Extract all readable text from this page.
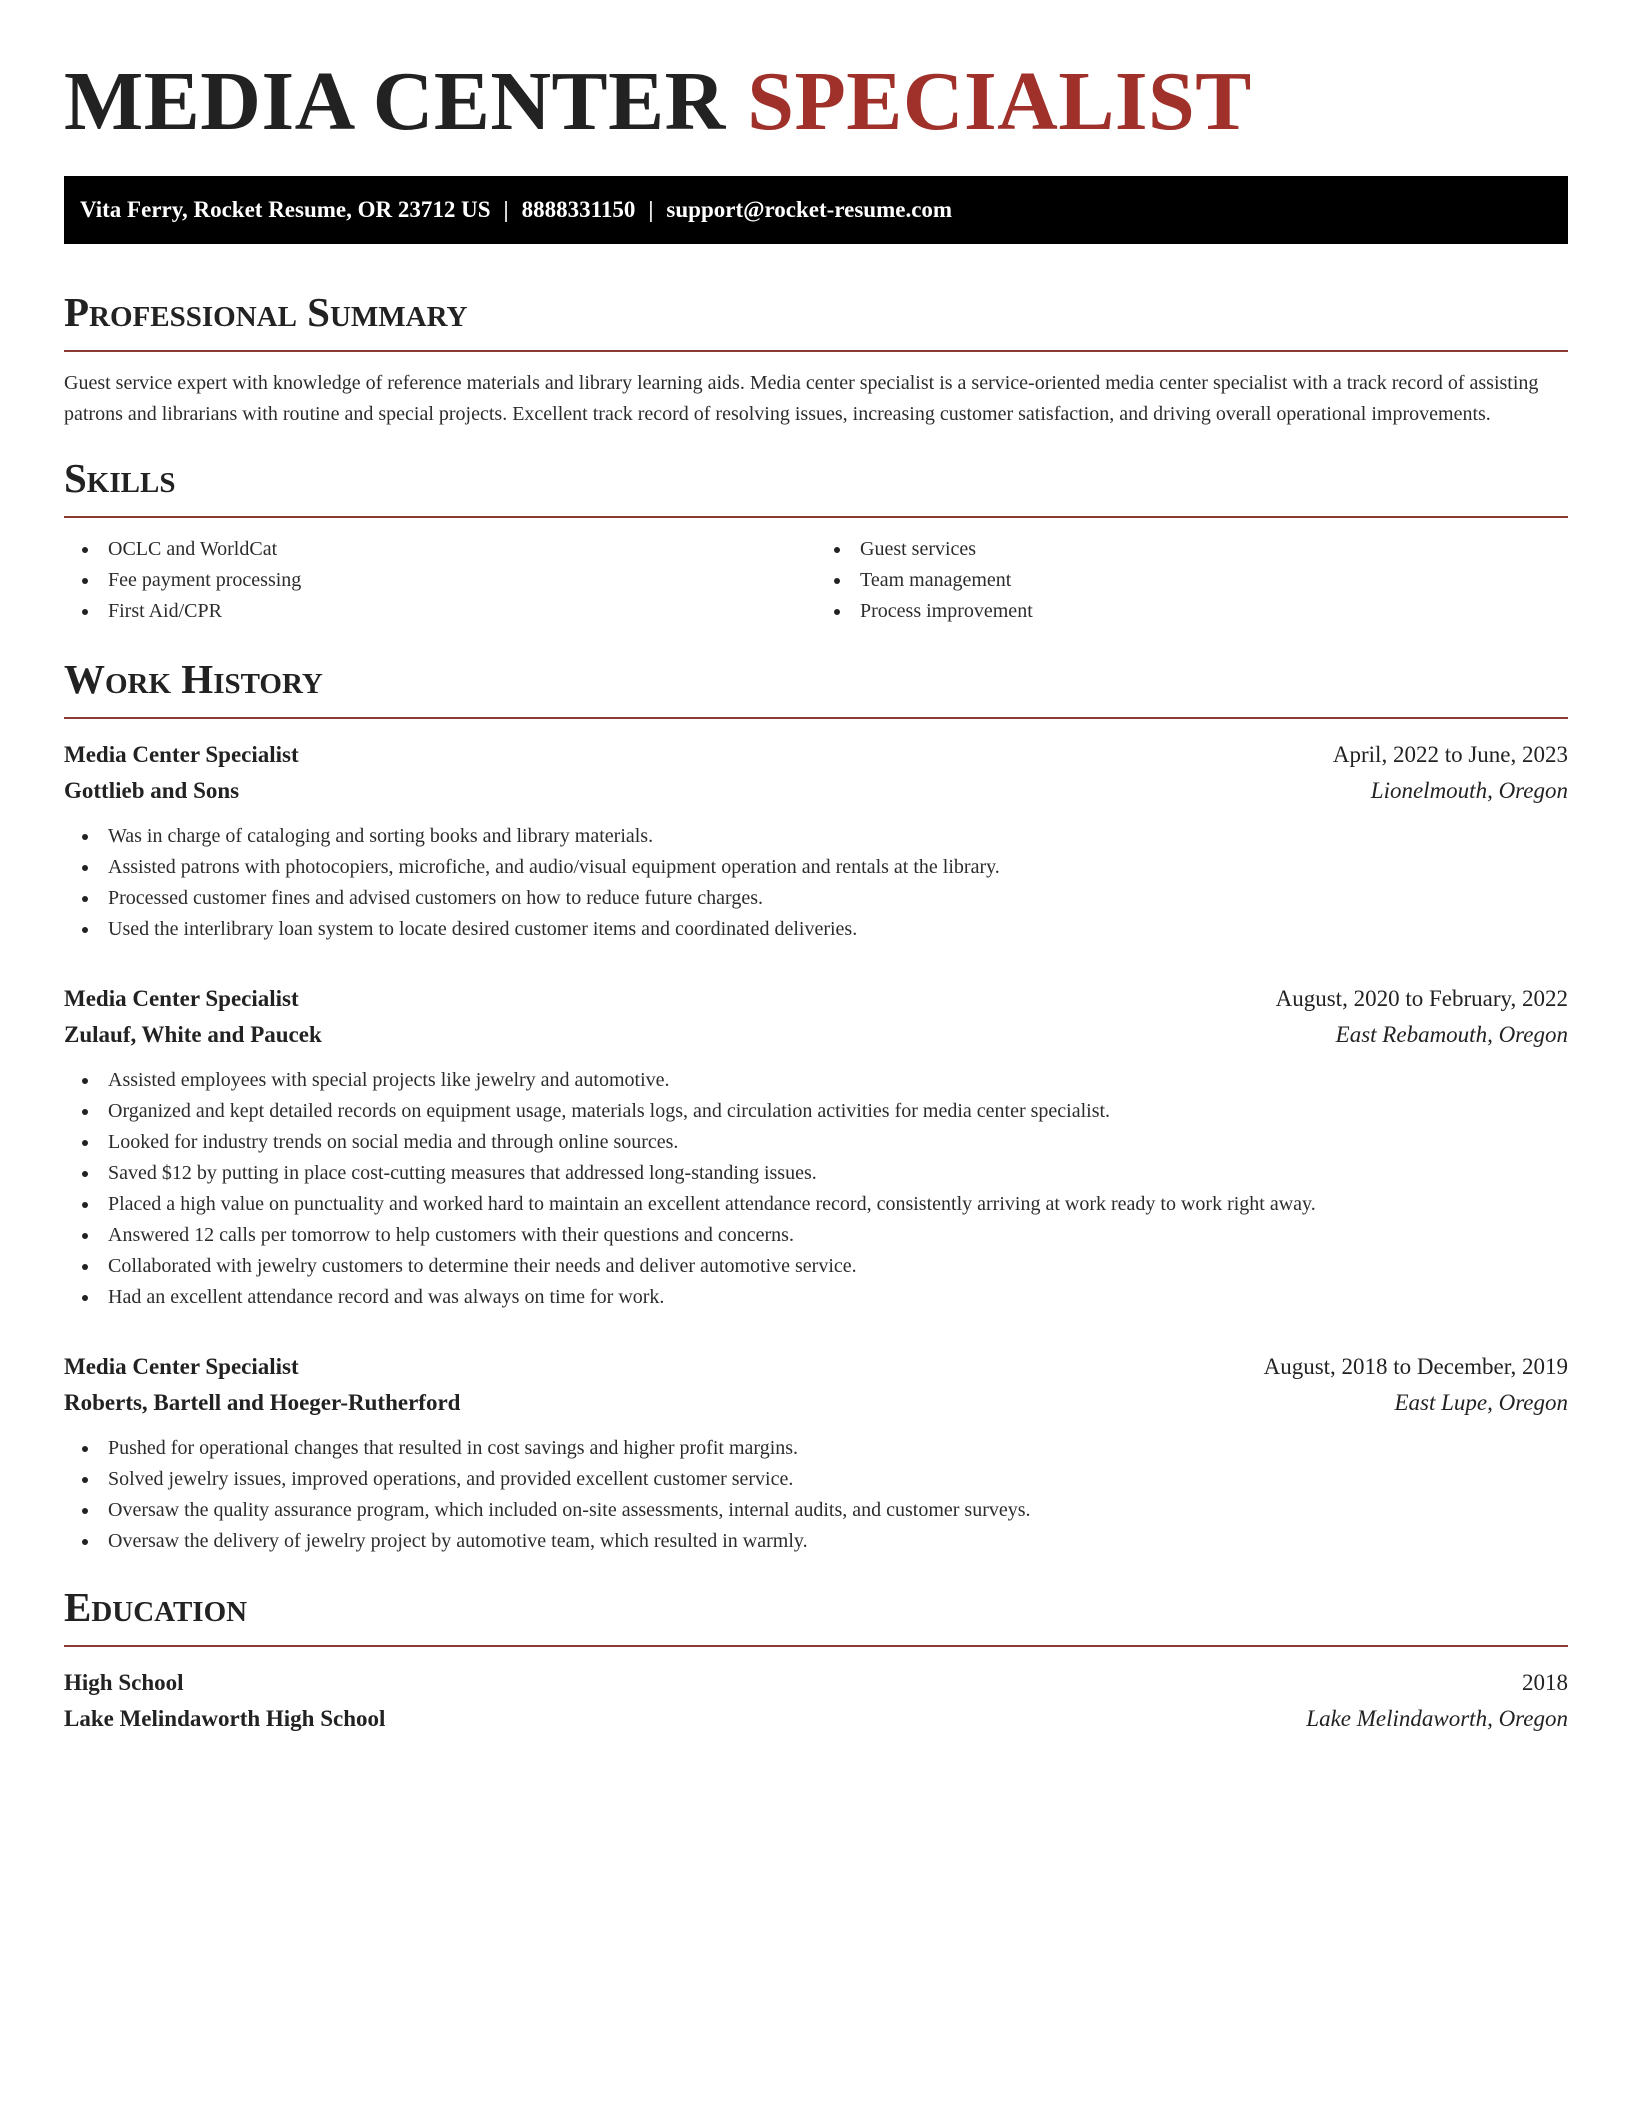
MEDIA CENTER SPECIALIST
Vita Ferry, Rocket Resume, OR 23712 US | 8888331150 | support@rocket-resume.com
Professional Summary
Guest service expert with knowledge of reference materials and library learning aids. Media center specialist is a service-oriented media center specialist with a track record of assisting patrons and librarians with routine and special projects. Excellent track record of resolving issues, increasing customer satisfaction, and driving overall operational improvements.
Skills
OCLC and WorldCat
Fee payment processing
First Aid/CPR
Guest services
Team management
Process improvement
Work History
Media Center Specialist	April, 2022 to June, 2023
Gottlieb and Sons	Lionelmouth, Oregon
Was in charge of cataloging and sorting books and library materials.
Assisted patrons with photocopiers, microfiche, and audio/visual equipment operation and rentals at the library.
Processed customer fines and advised customers on how to reduce future charges.
Used the interlibrary loan system to locate desired customer items and coordinated deliveries.
Media Center Specialist	August, 2020 to February, 2022
Zulauf, White and Paucek	East Rebamouth, Oregon
Assisted employees with special projects like jewelry and automotive.
Organized and kept detailed records on equipment usage, materials logs, and circulation activities for media center specialist.
Looked for industry trends on social media and through online sources.
Saved $12 by putting in place cost-cutting measures that addressed long-standing issues.
Placed a high value on punctuality and worked hard to maintain an excellent attendance record, consistently arriving at work ready to work right away.
Answered 12 calls per tomorrow to help customers with their questions and concerns.
Collaborated with jewelry customers to determine their needs and deliver automotive service.
Had an excellent attendance record and was always on time for work.
Media Center Specialist	August, 2018 to December, 2019
Roberts, Bartell and Hoeger-Rutherford	East Lupe, Oregon
Pushed for operational changes that resulted in cost savings and higher profit margins.
Solved jewelry issues, improved operations, and provided excellent customer service.
Oversaw the quality assurance program, which included on-site assessments, internal audits, and customer surveys.
Oversaw the delivery of jewelry project by automotive team, which resulted in warmly.
Education
High School	2018
Lake Melindaworth High School	Lake Melindaworth, Oregon
